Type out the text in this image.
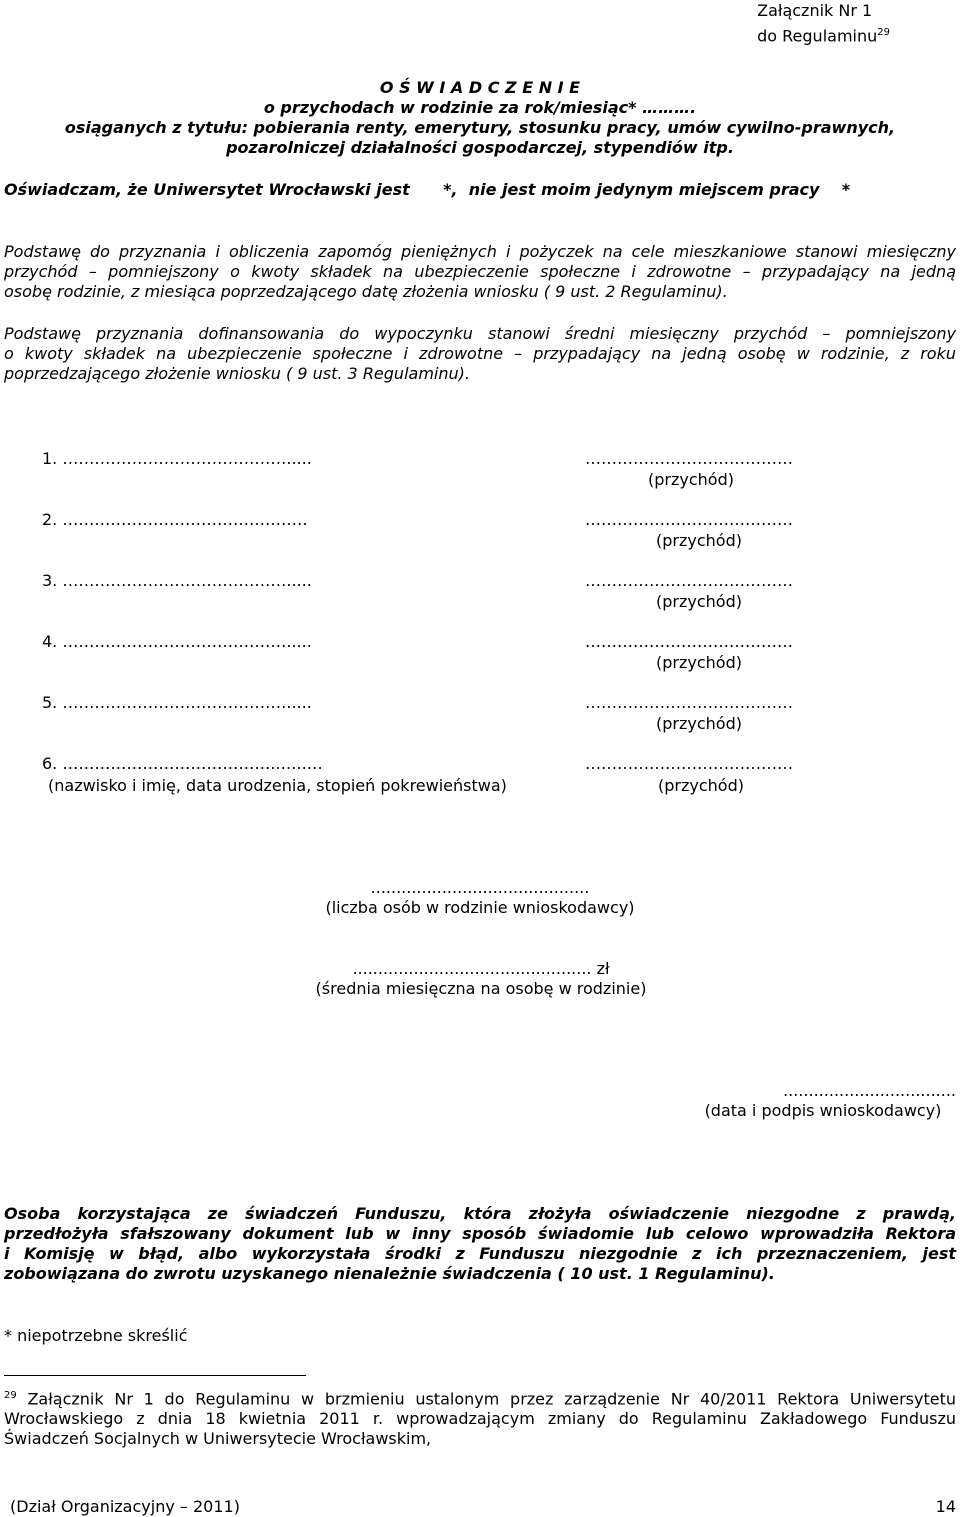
Załącznik Nr 1
do Regulaminu$^{29}$
O Ś W I A D C Z E N I E
o przychodach w rodzinie za rok/miesiąc* ……….
osiąganych z tytułu: pobierania renty, emerytury, stosunku pracy, umów cywilno-prawnych,
pozarolniczej działalności gospodarczej, stypendiów itp.
Oświadczam, że Uniwersytet Wrocławski jest      *,  nie jest moim jedynym miejscem pracy    *
Podstawę do przyznania i obliczenia zapomóg pieniężnych i pożyczek na cele mieszkaniowe stanowi miesięczny
przychód – pomniejszony o kwoty składek na ubezpieczenie społeczne i zdrowotne – przypadający na jedną
osobę rodzinie, z miesiąca poprzedzającego datę złożenia wniosku ( 9 ust. 2 Regulaminu).
Podstawę przyznania dofinansowania do wypoczynku stanowi średni miesięczny przychód – pomniejszony
o kwoty składek na ubezpieczenie społeczne i zdrowotne – przypadający na jedną osobę w rodzinie, z roku
poprzedzającego złożenie wniosku ( 9 ust. 3 Regulaminu).
1. …………………………………….....	…………………………………
(przychód)
2. ……………………………………….	…………………………………
(przychód)
3. …………………………………….....	…………………………………
(przychód)
4. …………………………………….....	…………………………………
(przychód)
5. …………………………………….....	…………………………………
(przychód)
6. …………………………………..…..…	…………………………………
(nazwisko i imię, data urodzenia, stopień pokrewieństwa)	(przychód)
...........................................
(liczba osób w rodzinie wnioskodawcy)
............................................... zł
(średnia miesięczna na osobę w rodzinie)
..................................
(data i podpis wnioskodawcy)
Osoba korzystająca ze świadczeń Funduszu, która złożyła oświadczenie niezgodne z prawdą,
przedłożyła sfałszowany dokument lub w inny sposób świadomie lub celowo wprowadziła Rektora
i Komisję w błąd, albo wykorzystała środki z Funduszu niezgodnie z ich przeznaczeniem, jest
zobowiązana do zwrotu uzyskanego nienależnie świadczenia ( 10 ust. 1 Regulaminu).
* niepotrzebne skreślić
$^{29}$ Załącznik Nr 1 do Regulaminu w brzmieniu ustalonym przez zarządzenie Nr 40/2011 Rektora Uniwersytetu
Wrocławskiego z dnia 18 kwietnia 2011 r. wprowadzającym zmiany do Regulaminu Zakładowego Funduszu
Świadczeń Socjalnych w Uniwersytecie Wrocławskim,
(Dział Organizacyjny – 2011)	14
